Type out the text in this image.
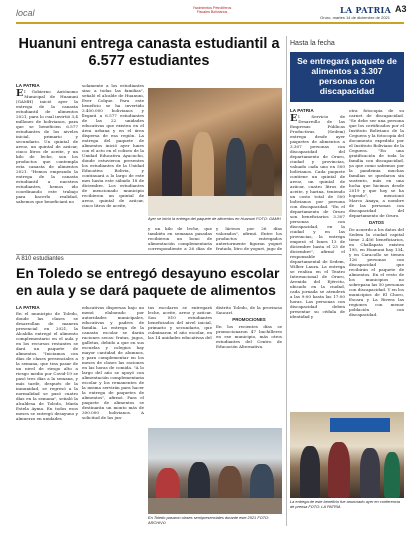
local	Yacimientos Petrolíferos Fiscales Bolivianos	LA PATRIA A3
Oruro, martes 14 de diciembre de 2021
Huanuni entrega canasta estudiantil a 6.577 estudiantes
LA PATRIA
E l Gobierno Autónomo Municipal de Huanuni (GAMH) inició ayer la entrega de la canasta estudiantil de alimentos 2021, para lo cual invirtió 3,4 millones de bolivianos, para que se beneficien 6.577 estudiantes de los niveles inicial, primario y secundario. Un quintal de arroz, un quintal de azúcar, cinco litros de aceite, y un kilo de leche, son los productos que contempla esta canasta de alimentos 2021. "Hemos empezado la entrega de la canasta estudiantil a nuestros estudiantes, hemos ido coordinando este trabajo para hacerlo realidad, sabemos que beneficiará no
solamente a los estudiantes sino a todas las familias", señaló el alcalde de Huanuni, Ever Colque. Para este beneficio se ha invertido 3.400.000 bolivianos y llegará a 6.577 estudiantes de las 22 unidades educativas que existen en el área urbana y en el área dispersa de esa región. La entrega del paquete de alimentos inició ayer lunes con el acto en el coliseo de la Unidad Educativa Ayacucho, donde estuvieron presentes los estudiantes de la Unidad Educativa Bolivia, y continuará a lo largo de este mes hasta este sábado 18 de diciembre. Los estudiantes de mencionado municipio recibieron un quintal de arroz, quintal de azúcar, cinco litros de aceite,
Ayer se inició la entrega del paquete de alimentos en Huanuni FOTO: GAMH
y un kilo de leche, que también en semanas pasadas recibieron un bono de alimentación complementaria correspondiente a 26 días de
y lácteos por 26 días valorados", afirmó. Entre los productos entregados anteriormente figuran yogurt frutado, litro de yogurt, jugo de
A 810 estudiantes
En Toledo se entregó desayuno escolar en aula y se dará paquete de alimentos
LA PATRIA
En el municipio de Toledo, donde las clases se desarrollan de manera presencial en 2021, la Alcaldía entregó el alimento complementario en el aula y en los recursos restantes se dará un paquete de alimentos. "Iniciamos con días de clases presenciales a la semana, que tras pasar de un nivel de riesgo alto a riesgo medio por Covid-19 se pasó tres días a la semana, y más tarde, después de la inmunidad, se regresó a la normalidad se pasó cuatro días en la semana", señaló la alcaldesa de Toledo, María Estela Ayma. En todos esos meses se entregó desayuno y almuerzo en unidades
educativas dispersas bajo un menú elaborado por autoridades municipales, educativas y padres de familia. La entrega de la canasta escolar se darán raciones secas: frutas, jugos, galletas, debido a que en sus escuelas y colegios hay mayor cantidad de alumnos, y para complementar en los meses de clases las raciones en las horas de comida. "A lo largo del año se apoyó con alimentación complementaria escolar y los remanentes de la misma servirán para hacer la entrega de paquetes de alimentos", afirmó. Para el paquete de alimentos se destinarán un monto más de 300.000 bolivianos. A solicitud de las jun-
tas escolares se entregará leche, aceite, arroz y azúcar. Son 810 estudiantes beneficiados del nivel inicial, primario y secundario, que culminaron el año escolar, en las 14 unidades educativas del
distrito Toledo, de la provincia Saucarí.
PROMOCIONES
En los recientes días se promocionaron 47 bachilleres en ese municipio, más otros estudiantes del Centro de Educación Alternativa.
En Toledo pasaron clases semipresenciales durante este 2021 FOTO: ARCHIVO
Hasta la fecha
Se entregará paquete de alimentos a 3.307 personas con discapacidad
LA PATRIA
E l Servicio de Desarrollo de las Empresas Públicas Productivas (Sedem) entrega desde ayer paquetes de alimentos a 3.307 personas con discapacidad del departamento de Oruro, ciudad y provincias, valuado cada uno en 500 bolivianos. Cada paquete contiene un quintal de arroz, un quintal de azúcar, cuatro litros de aceite, y harina, teniendo un costo total de 500 bolivianos por persona con discapacidad. "En el departamento de Oruro son beneficiarios 3.307 personas con discapacidad, en la ciudad y en las provincias, la entrega empezó el lunes 13 de diciembre hasta el 23 de diciembre", afirmó el responsable departamental de Sedem, Wilber Laura. La entrega se realiza en el Teatro Internacional de Oruro, Avenida del Ejército, ubicado en la ciudad, cada jornada se atenderá a las 9:00 hasta las 17:00 horas. Las personas con discapacidad deben presentar su cédula de identidad y
otra fotocopia de su carnet de discapacidad. "Se debe ser una persona que los certificados por el Instituto Boliviano de la Ceguera y la fotocopia del documento expedido por el Instituto Boliviano de la Ceguera. "En una gratificación de toda la familia con discapacidad, ya que como sabemos por la pandemia muchas familias se quedaron sin sustento, más en una lucha que hicimos desde 2019 y que hoy se ha logrado", mencionó Marco Anaya, a nombre de las personas con discapacidad del departamento de Oruro.
DATOS
De acuerdo a los datos del Sedem la ciudad capital tiene 2.456 beneficiarios, en Challapata existen 195, en Huanuni hay 134, y en Caracollo se tienen 126 personas con discapacidad que recibirán el paquete de alimentos. En el resto de los municipios no sobrepasa las 50 personas con discapacidad. Y en los municipios de El Choro, Escara y La Rivera las regiones con menor población con discapacidad.
La entrega de este beneficio fue anunciado ayer en conferencia de prensa FOTO: LA PATRIA
